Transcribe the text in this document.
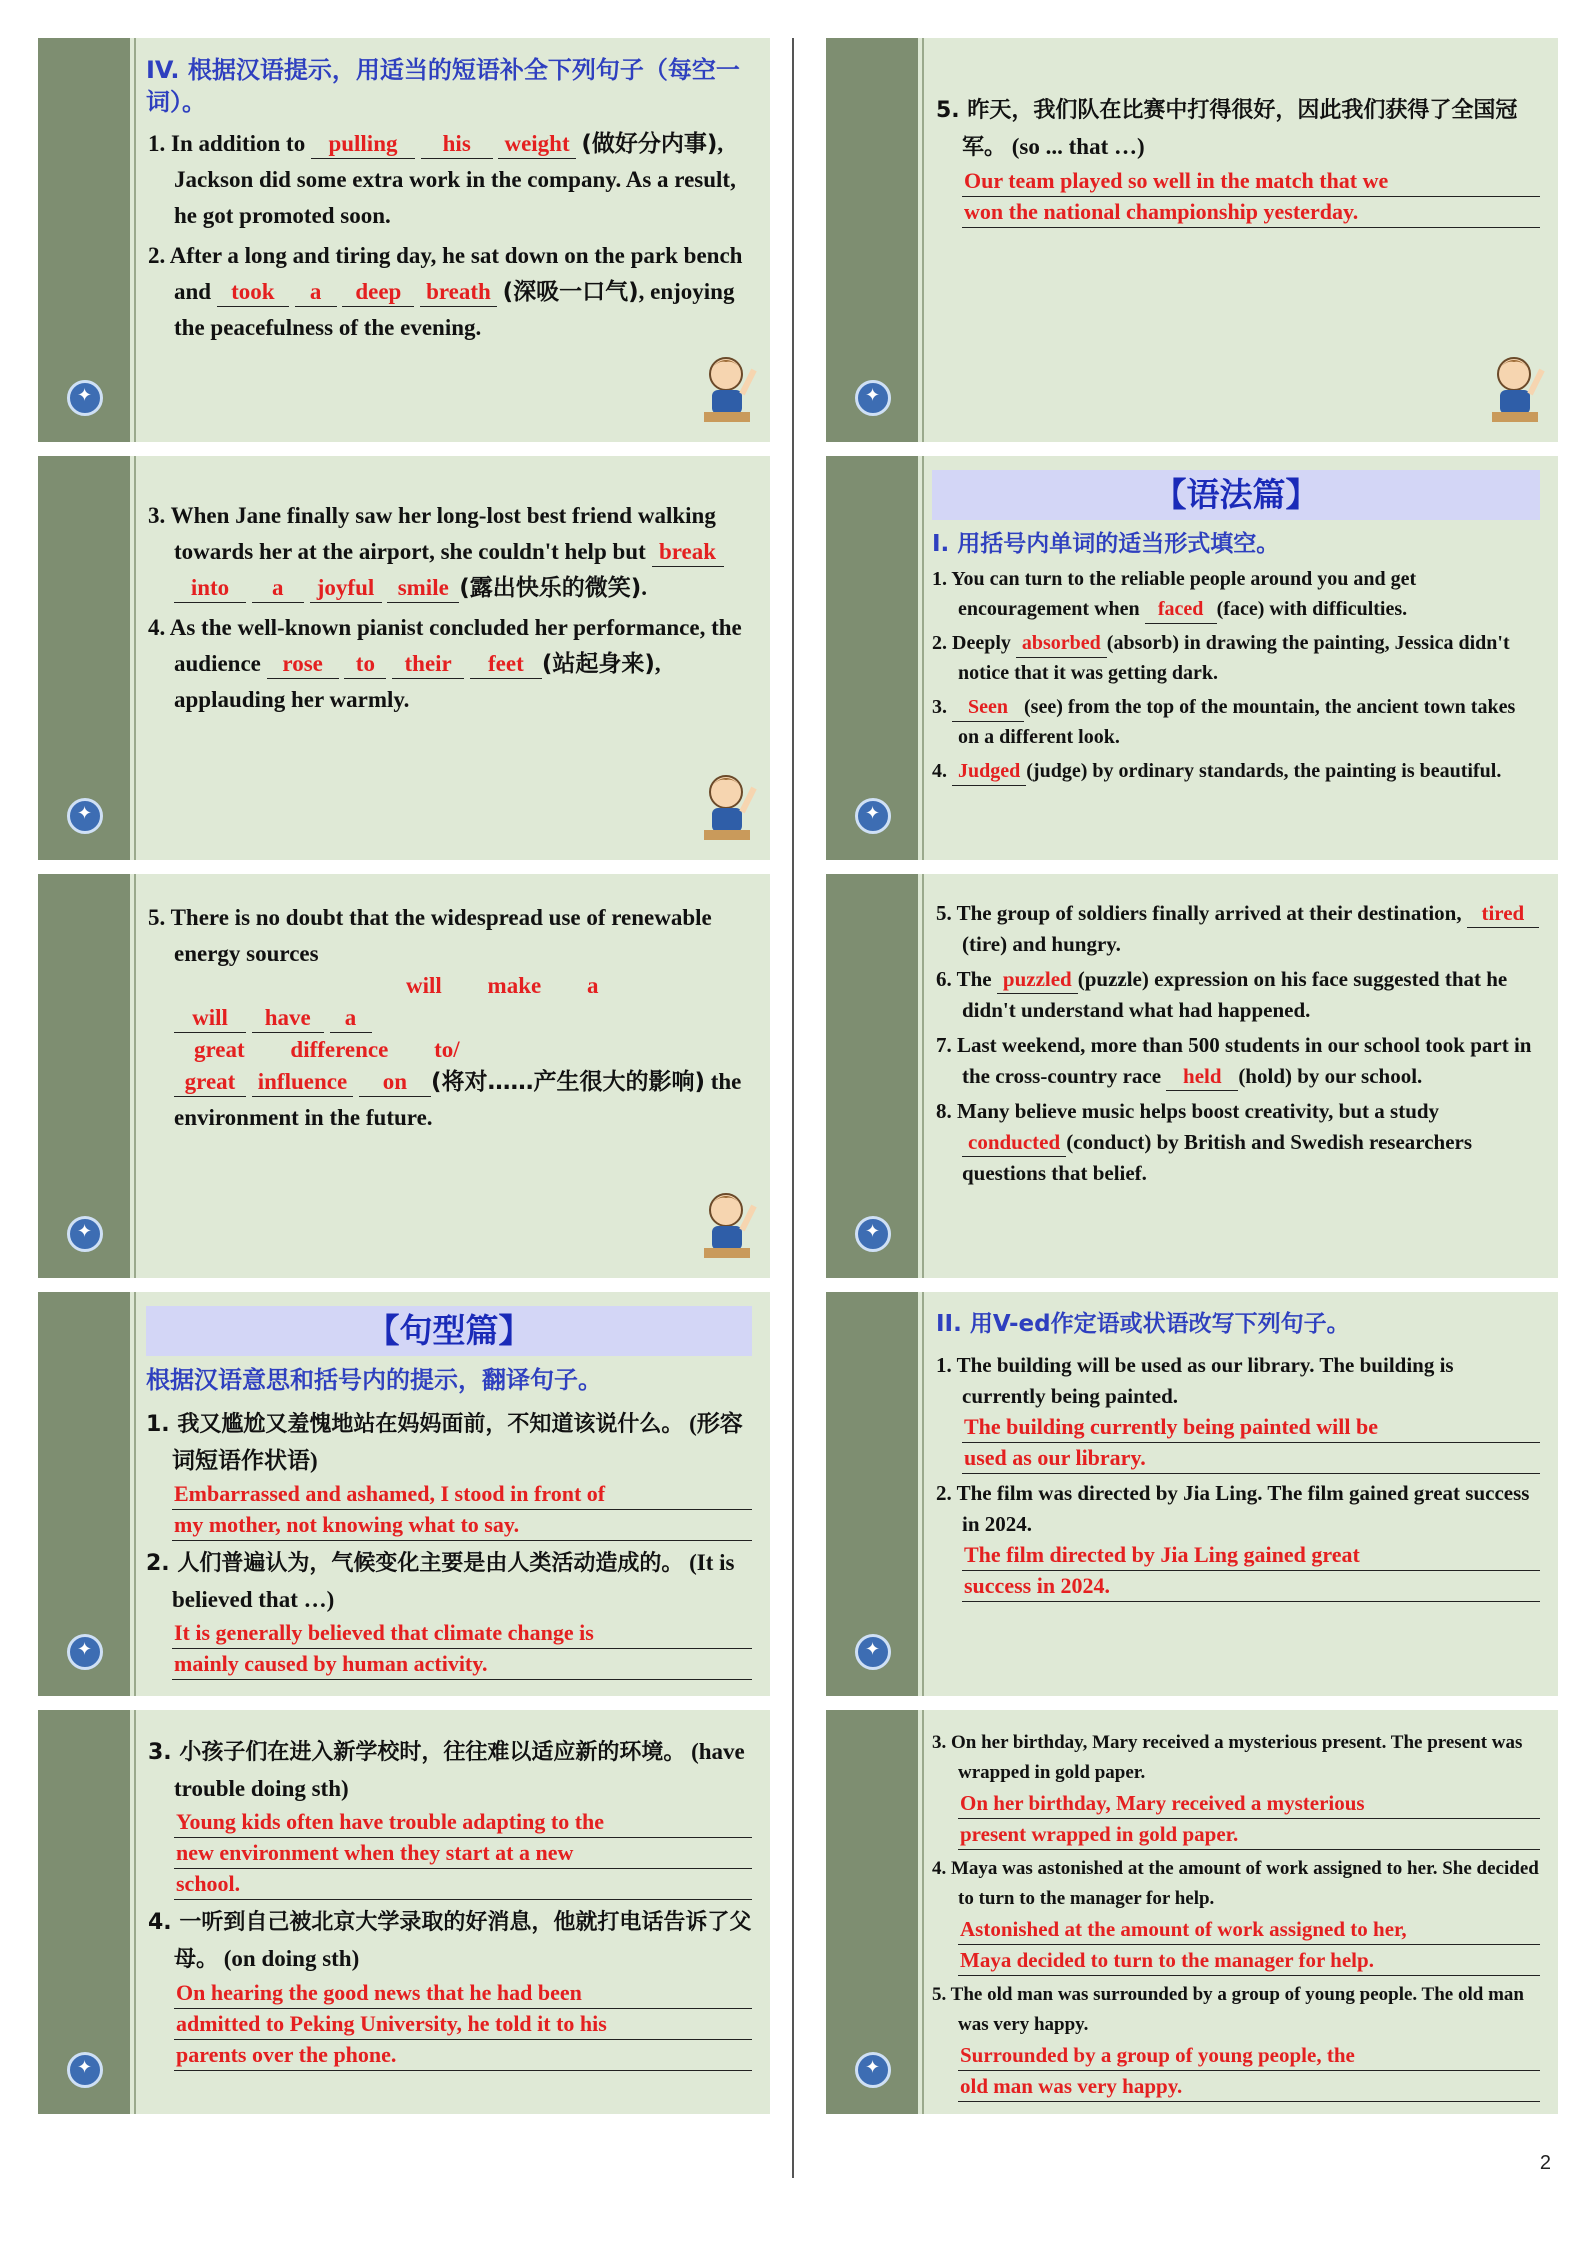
✦
IV. 根据汉语提示，用适当的短语补全下列句子（每空一词）。
1. In addition to pulling his weight (做好分内事), Jackson did some extra work in the company. As a result, he got promoted soon.
2. After a long and tiring day, he sat down on the park bench and took a deep breath (深吸一口气), enjoying the peacefulness of the evening.
✦
3. When Jane finally saw her long-lost best friend walking towards her at the airport, she couldn't help but break into a joyful smile (露出快乐的微笑).
4. As the well-known pianist concluded her performance, the audience rose to their feet (站起身来), applauding her warmly.
✦
5. There is no doubt that the widespread use of renewable energy sources
will make a
will have a
great difference to/
great influence on (将对……产生很大的影响) the environment in the future.
✦
【句型篇】
根据汉语意思和括号内的提示，翻译句子。
1. 我又尴尬又羞愧地站在妈妈面前，不知道该说什么。 (形容词短语作状语)
Embarrassed and ashamed, I stood in front of
my mother, not knowing what to say.
2. 人们普遍认为，气候变化主要是由人类活动造成的。 (It is believed that …)
It is generally believed that climate change is
mainly caused by human activity.
✦
3. 小孩子们在进入新学校时，往往难以适应新的环境。 (have trouble doing sth)
Young kids often have trouble adapting to the
new environment when they start at a new
school.
4. 一听到自己被北京大学录取的好消息，他就打电话告诉了父母。 (on doing sth)
On hearing the good news that he had been
admitted to Peking University, he told it to his
parents over the phone.
✦
5. 昨天，我们队在比赛中打得很好，因此我们获得了全国冠军。 (so ... that …)
Our team played so well in the match that we
won the national championship yesterday.
✦
【语法篇】
I. 用括号内单词的适当形式填空。
1. You can turn to the reliable people around you and get encouragement when faced (face) with difficulties.
2. Deeply absorbed (absorb) in drawing the painting, Jessica didn't notice that it was getting dark.
3. Seen (see) from the top of the mountain, the ancient town takes on a different look.
4. Judged (judge) by ordinary standards, the painting is beautiful.
✦
5. The group of soldiers finally arrived at their destination, tired(tire) and hungry.
6. The puzzled (puzzle) expression on his face suggested that he didn't understand what had happened.
7. Last weekend, more than 500 students in our school took part in the cross-country race held (hold) by our school.
8. Many believe music helps boost creativity, but a study conducted (conduct) by British and Swedish researchers questions that belief.
✦
II. 用V-ed作定语或状语改写下列句子。
1. The building will be used as our library. The building is currently being painted.
The building currently being painted will be
used as our library.
2. The film was directed by Jia Ling. The film gained great success in 2024.
The film directed by Jia Ling gained great
success in 2024.
✦
3. On her birthday, Mary received a mysterious present. The present was wrapped in gold paper.
On her birthday, Mary received a mysterious
present wrapped in gold paper.
4. Maya was astonished at the amount of work assigned to her. She decided to turn to the manager for help.
Astonished at the amount of work assigned to her,
Maya decided to turn to the manager for help.
5. The old man was surrounded by a group of young people. The old man was very happy.
Surrounded by a group of young people, the
old man was very happy.
2
